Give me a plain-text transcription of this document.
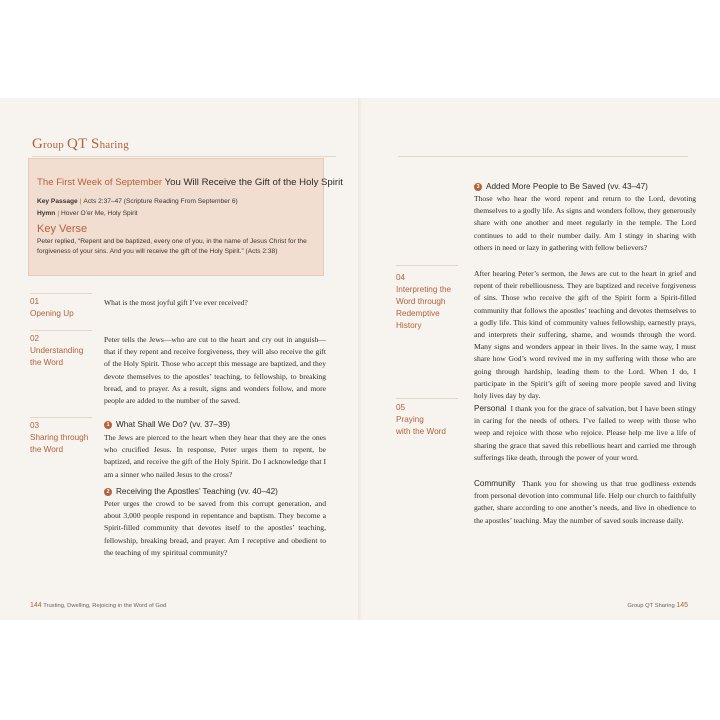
Group QT Sharing
The First Week of September You Will Receive the Gift of the Holy Spirit
Key Passage | Acts 2:37–47 (Scripture Reading From September 6)
Hymn | Hover O’er Me, Holy Spirit
Key Verse
Peter replied, “Repent and be baptized, every one of you, in the name of Jesus Christ for the forgiveness of your sins. And you will receive the gift of the Holy Spirit.” (Acts 2:38)
01
Opening Up
What is the most joyful gift I’ve ever received?
02
Understanding
the Word
Peter tells the Jews—who are cut to the heart and cry out in anguish—that if they repent and receive forgiveness, they will also receive the gift of the Holy Spirit. Those who accept this message are baptized, and they devote themselves to the apostles’ teaching, to fellowship, to breaking bread, and to prayer. As a result, signs and wonders follow, and more people are added to the number of the saved.
03
Sharing through
the Word
1 What Shall We Do? (vv. 37–39)
The Jews are pierced to the heart when they hear that they are the ones who crucified Jesus. In response, Peter urges them to repent, be baptized, and receive the gift of the Holy Spirit. Do I acknowledge that I am a sinner who nailed Jesus to the cross?
2 Receiving the Apostles’ Teaching (vv. 40–42)
Peter urges the crowd to be saved from this corrupt generation, and about 3,000 people respond in repentance and baptism. They become a Spirit-filled community that devotes itself to the apostles’ teaching, fellowship, breaking bread, and prayer. Am I receptive and obedient to the teaching of my spiritual community?
3 Added More People to Be Saved (vv. 43–47)
Those who hear the word repent and return to the Lord, devoting themselves to a godly life. As signs and wonders follow, they generously share with one another and meet regularly in the temple. The Lord continues to add to their number daily. Am I stingy in sharing with others in need or lazy in gathering with fellow believers?
04
Interpreting the
Word through
Redemptive
History
After hearing Peter’s sermon, the Jews are cut to the heart in grief and repent of their rebelliousness. They are baptized and receive forgiveness of sins. Those who receive the gift of the Spirit form a Spirit-filled community that follows the apostles’ teaching and devotes themselves to a godly life. This kind of community values fellowship, earnestly prays, and interprets their suffering, shame, and wounds through the word. Many signs and wonders appear in their lives. In the same way, I must share how God’s word revived me in my suffering with those who are going through hardship, leading them to the Lord. When I do, I participate in the Spirit’s gift of seeing more people saved and living holy lives day by day.
05
Praying
with the Word
Personal I thank you for the grace of salvation, but I have been stingy in caring for the needs of others. I’ve failed to weep with those who weep and rejoice with those who rejoice. Please help me live a life of sharing the grace that saved this rebellious heart and carried me through sufferings like death, through the power of your word.
Community Thank you for showing us that true godliness extends from personal devotion into communal life. Help our church to faithfully gather, share according to one another’s needs, and live in obedience to the apostles’ teaching. May the number of saved souls increase daily.
144 Trusting, Dwelling, Rejoicing in the Word of God	Group QT Sharing 145
